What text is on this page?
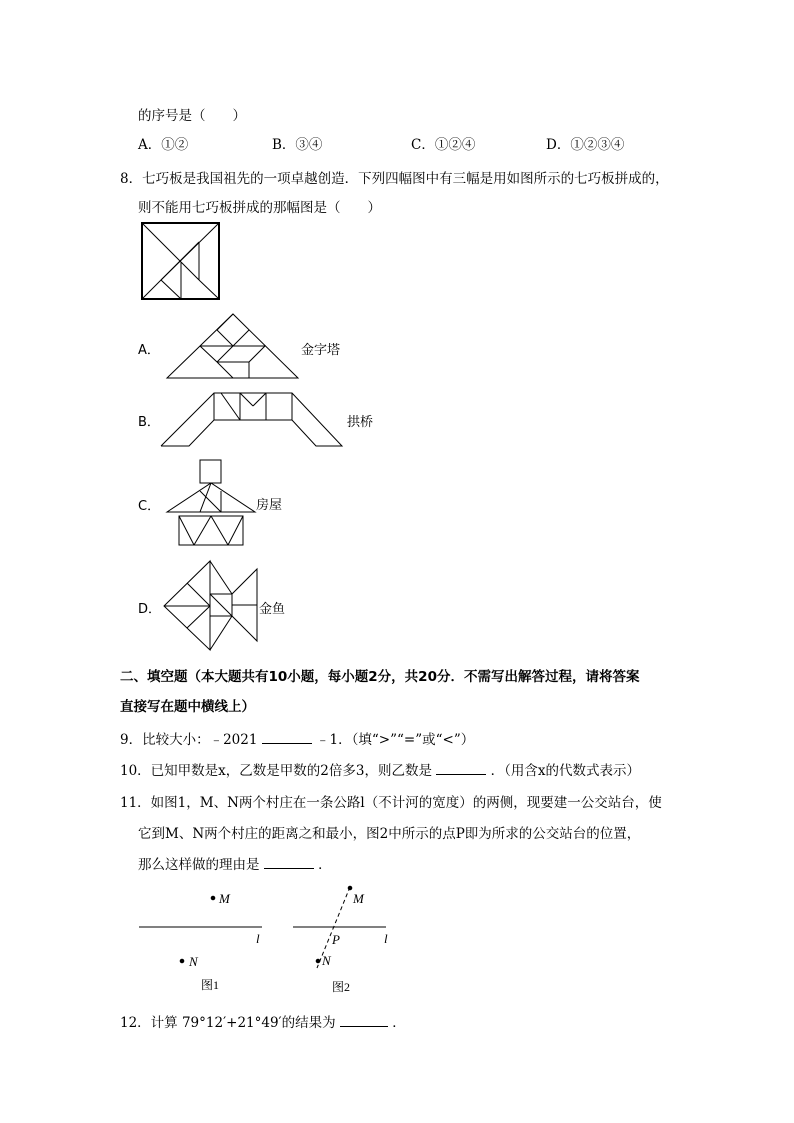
的序号是（　　）
A．①②	B．③④	C．①②④	D．①②③④
8．七巧板是我国祖先的一项卓越创造．下列四幅图中有三幅是用如图所示的七巧板拼成的，
则不能用七巧板拼成的那幅图是（　　）
A．	金字塔
B．	拱桥
C．	房屋
D．	金鱼
二、填空题（本大题共有10小题，每小题2分，共20分．不需写出解答过程，请将答案
直接写在题中横线上）
9．比较大小：﹣2021	﹣1．（填“>”“=”或“<”）
10．已知甲数是x，乙数是甲数的2倍多3，则乙数是	．（用含x的代数式表示）
11．如图1，M、N两个村庄在一条公路l（不计河的宽度）的两侧，现要建一公交站台，使
它到M、N两个村庄的距离之和最小，图2中所示的点P即为所求的公交站台的位置，
那么这样做的理由是	．
M
l
N
图1
l
M
P
N
图2
12．计算 79°12′+21°49′的结果为	．
